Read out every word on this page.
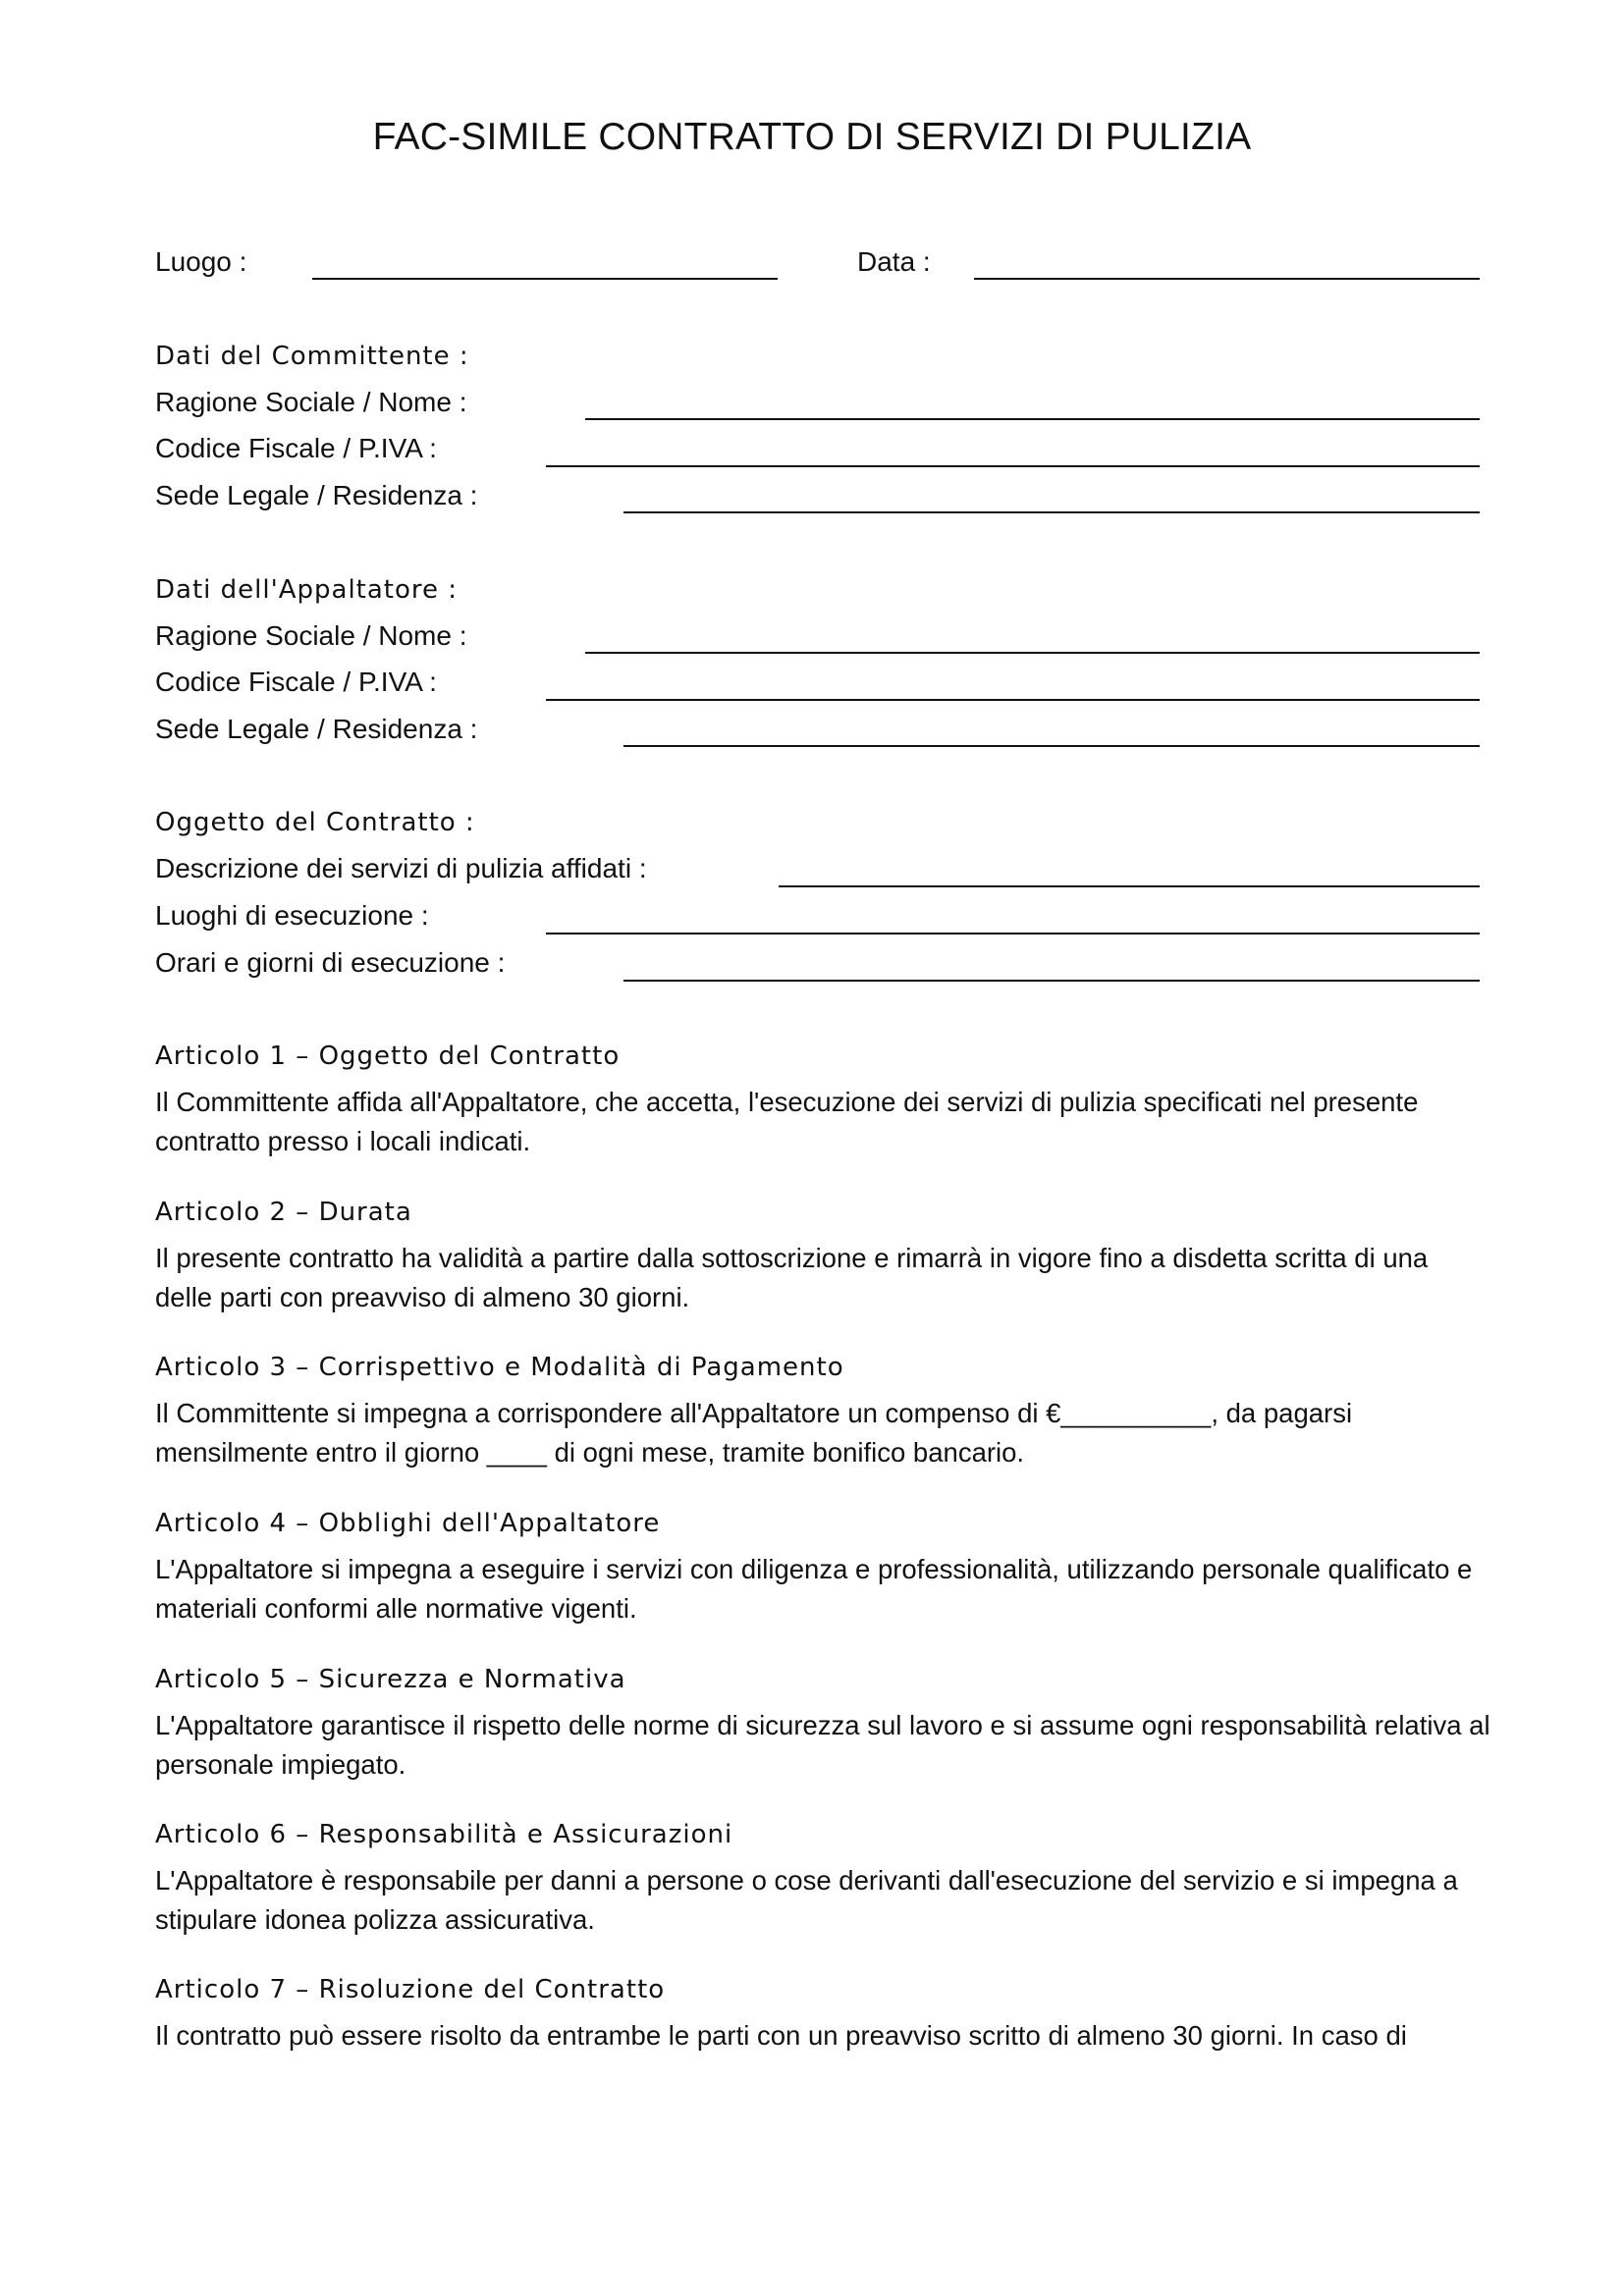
FAC-SIMILE CONTRATTO DI SERVIZI DI PULIZIA
Luogo :	Data :
Dati del Committente :
Ragione Sociale / Nome :
Codice Fiscale / P.IVA :
Sede Legale / Residenza :
Dati dell'Appaltatore :
Ragione Sociale / Nome :
Codice Fiscale / P.IVA :
Sede Legale / Residenza :
Oggetto del Contratto :
Descrizione dei servizi di pulizia affidati :
Luoghi di esecuzione :
Orari e giorni di esecuzione :
Articolo 1 – Oggetto del Contratto
Il Committente affida all'Appaltatore, che accetta, l'esecuzione dei servizi di pulizia specificati nel presente contratto presso i locali indicati.
Articolo 2 – Durata
Il presente contratto ha validità a partire dalla sottoscrizione e rimarrà in vigore fino a disdetta scritta di una delle parti con preavviso di almeno 30 giorni.
Articolo 3 – Corrispettivo e Modalità di Pagamento
Il Committente si impegna a corrispondere all'Appaltatore un compenso di €__________, da pagarsi mensilmente entro il giorno ____ di ogni mese, tramite bonifico bancario.
Articolo 4 – Obblighi dell'Appaltatore
L'Appaltatore si impegna a eseguire i servizi con diligenza e professionalità, utilizzando personale qualificato e materiali conformi alle normative vigenti.
Articolo 5 – Sicurezza e Normativa
L'Appaltatore garantisce il rispetto delle norme di sicurezza sul lavoro e si assume ogni responsabilità relativa al personale impiegato.
Articolo 6 – Responsabilità e Assicurazioni
L'Appaltatore è responsabile per danni a persone o cose derivanti dall'esecuzione del servizio e si impegna a stipulare idonea polizza assicurativa.
Articolo 7 – Risoluzione del Contratto
Il contratto può essere risolto da entrambe le parti con un preavviso scritto di almeno 30 giorni. In caso di
